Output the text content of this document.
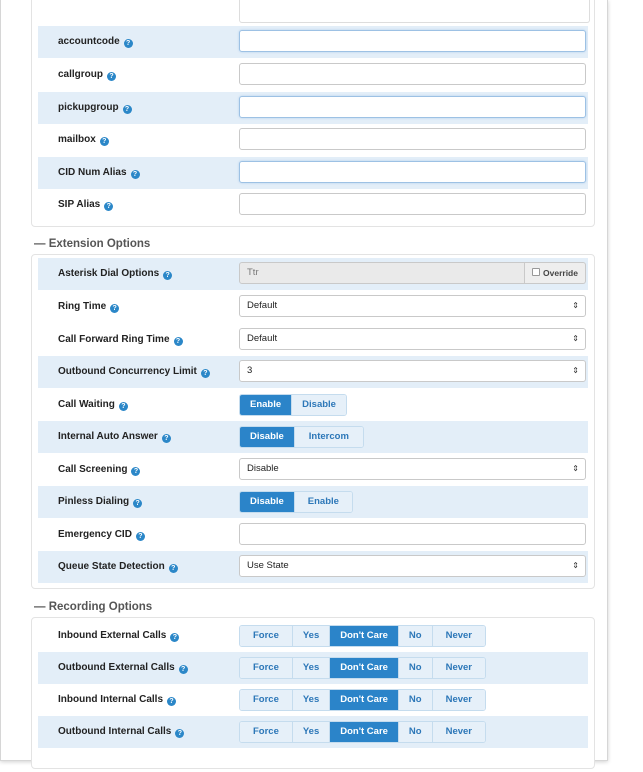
accountcode ?
callgroup ?
pickupgroup ?
mailbox ?
CID Num Alias ?
SIP Alias ?
— Extension Options
Asterisk Dial Options ?	Ttr	Override
Ring Time ?	Default	⇕
Call Forward Ring Time ?	Default	⇕
Outbound Concurrency Limit ?	3	⇕
Call Waiting ?	Enable	Disable
Internal Auto Answer ?	Disable	Intercom
Call Screening ?	Disable	⇕
Pinless Dialing ?	Disable	Enable
Emergency CID ?
Queue State Detection ?	Use State	⇕
— Recording Options
Inbound External Calls ?	Force	Yes	Don't Care	No	Never
Outbound External Calls ?	Force	Yes	Don't Care	No	Never
Inbound Internal Calls ?	Force	Yes	Don't Care	No	Never
Outbound Internal Calls ?	Force	Yes	Don't Care	No	Never
